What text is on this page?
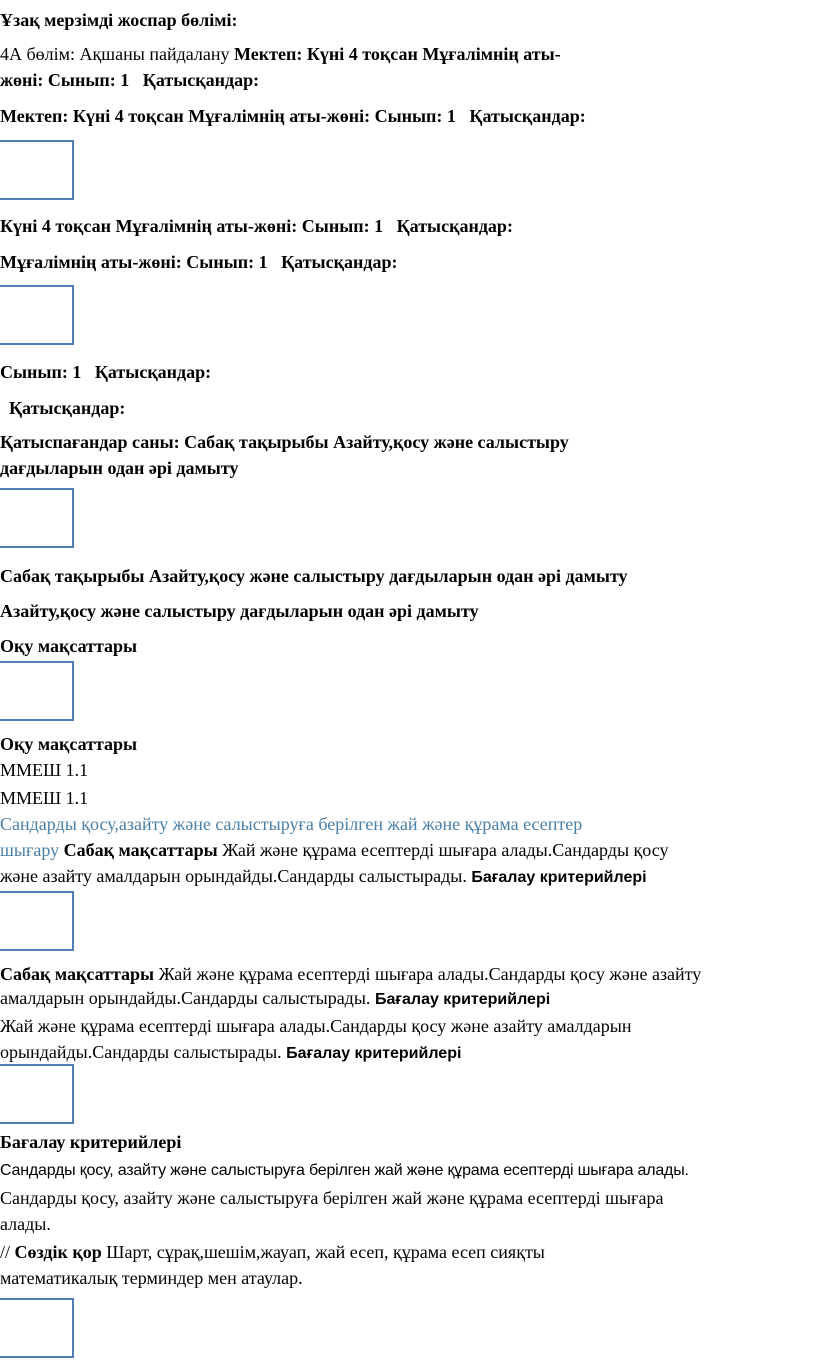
Ұзақ мерзімді жоспар бөлімі:

4А бөлім: Ақшаны пайдалану Мектеп: Күні 4 тоқсан Мұғалімнің аты-

жөні: Сынып: 1 Қатысқандар:

Мектеп: Күні 4 тоқсан Мұғалімнің аты-жөні: Сынып: 1 Қатысқандар:

Күні 4 тоқсан Мұғалімнің аты-жөні: Сынып: 1 Қатысқандар:

Мұғалімнің аты-жөні: Сынып: 1 Қатысқандар:

Сынып: 1 Қатысқандар:

Қатысқандар:

Қатыспағандар саны: Сабақ тақырыбы Азайту,қосу және салыстыру

дағдыларын одан әрі дамыту

Сабақ тақырыбы Азайту,қосу және салыстыру дағдыларын одан әрі дамыту

Азайту,қосу және салыстыру дағдыларын одан әрі дамыту

Оқу мақсаттары

Оқу мақсаттары

ММЕШ 1.1

ММЕШ 1.1

Сандарды қосу,азайту және салыстыруға берілген жай және құрама есептер

шығару Сабақ мақсаттары Жай және құрама есептерді шығара алады.Сандарды қосу

және азайту амалдарын орындайды.Сандарды салыстырады. Бағалау критерийлері

Сабақ мақсаттары Жай және құрама есептерді шығара алады.Сандарды қосу және азайту

амалдарын орындайды.Сандарды салыстырады. Бағалау критерийлері

Жай және құрама есептерді шығара алады.Сандарды қосу және азайту амалдарын

орындайды.Сандарды салыстырады. Бағалау критерийлері

Бағалау критерийлері

Сандарды қосу, азайту және салыстыруға берілген жай және құрама есептерді шығара алады.

Сандарды қосу, азайту және салыстыруға берілген жай және құрама есептерді шығара

алады.

// Сөздік қор Шарт, сұрақ,шешім,жауап, жай есеп, құрама есеп сияқты

математикалық терминдер мен атаулар.
